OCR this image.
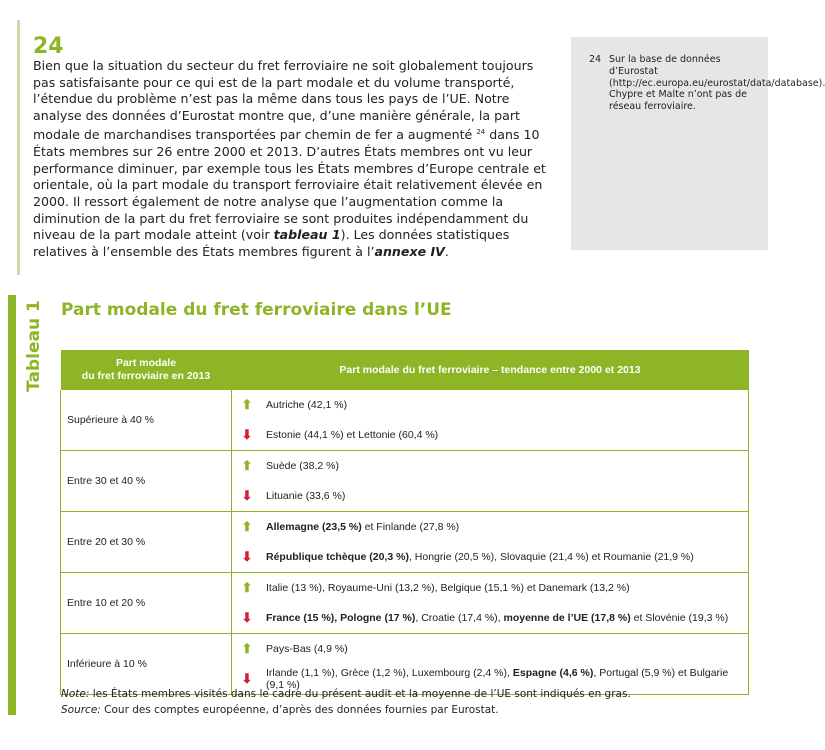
24
Bien que la situation du secteur du fret ferroviaire ne soit globalement toujours pas satisfaisante pour ce qui est de la part modale et du volume transporté, l’étendue du problème n’est pas la même dans tous les pays de l’UE. Notre analyse des données d’Eurostat montre que, d’une manière générale, la part modale de marchandises transportées par chemin de fer a augmenté $^{24}$ dans 10 États membres sur 26 entre 2000 et 2013. D’autres États membres ont vu leur performance diminuer, par exemple tous les États membres d’Europe centrale et orientale, où la part modale du transport ferroviaire était relativement élevée en 2000. Il ressort également de notre analyse que l’augmentation comme la diminution de la part du fret ferroviaire se sont produites indépendamment du niveau de la part modale atteint (voir tableau 1). Les données statistiques relatives à l’ensemble des États membres figurent à l’annexe IV.
24 Sur la base de données d’Eurostat (http://ec.europa.eu/eurostat/data/database). Chypre et Malte n’ont pas de réseau ferroviaire.
Tableau 1 Part modale du fret ferroviaire dans l’UE
Part modale
du fret ferroviaire en 2013	Part modale du fret ferroviaire – tendance entre 2000 et 2013	
Supérieure à 40 %	⬆	Autriche (42,1 %)
	⬇	Estonie (44,1 %) et Lettonie (60,4 %)
Entre 30 et 40 %	⬆	Suède (38,2 %)
	⬇	Lituanie (33,6 %)
Entre 20 et 30 %	⬆	Allemagne (23,5 %) et Finlande (27,8 %)
	⬇	République tchèque (20,3 %), Hongrie (20,5 %), Slovaquie (21,4 %) et Roumanie (21,9 %)
Entre 10 et 20 %	⬆	Italie (13 %), Royaume-Uni (13,2 %), Belgique (15,1 %) et Danemark (13,2 %)
	⬇	France (15 %), Pologne (17 %), Croatie (17,4 %), moyenne de l’UE (17,8 %) et Slovénie (19,3 %)
Inférieure à 10 %	⬆	Pays-Bas (4,9 %)
	⬇	Irlande (1,1 %), Grèce (1,2 %), Luxembourg (2,4 %), Espagne (4,6 %), Portugal (5,9 %) et Bulgarie (9,1 %)
Note: les États membres visités dans le cadre du présent audit et la moyenne de l’UE sont indiqués en gras.
Source: Cour des comptes européenne, d’après des données fournies par Eurostat.
